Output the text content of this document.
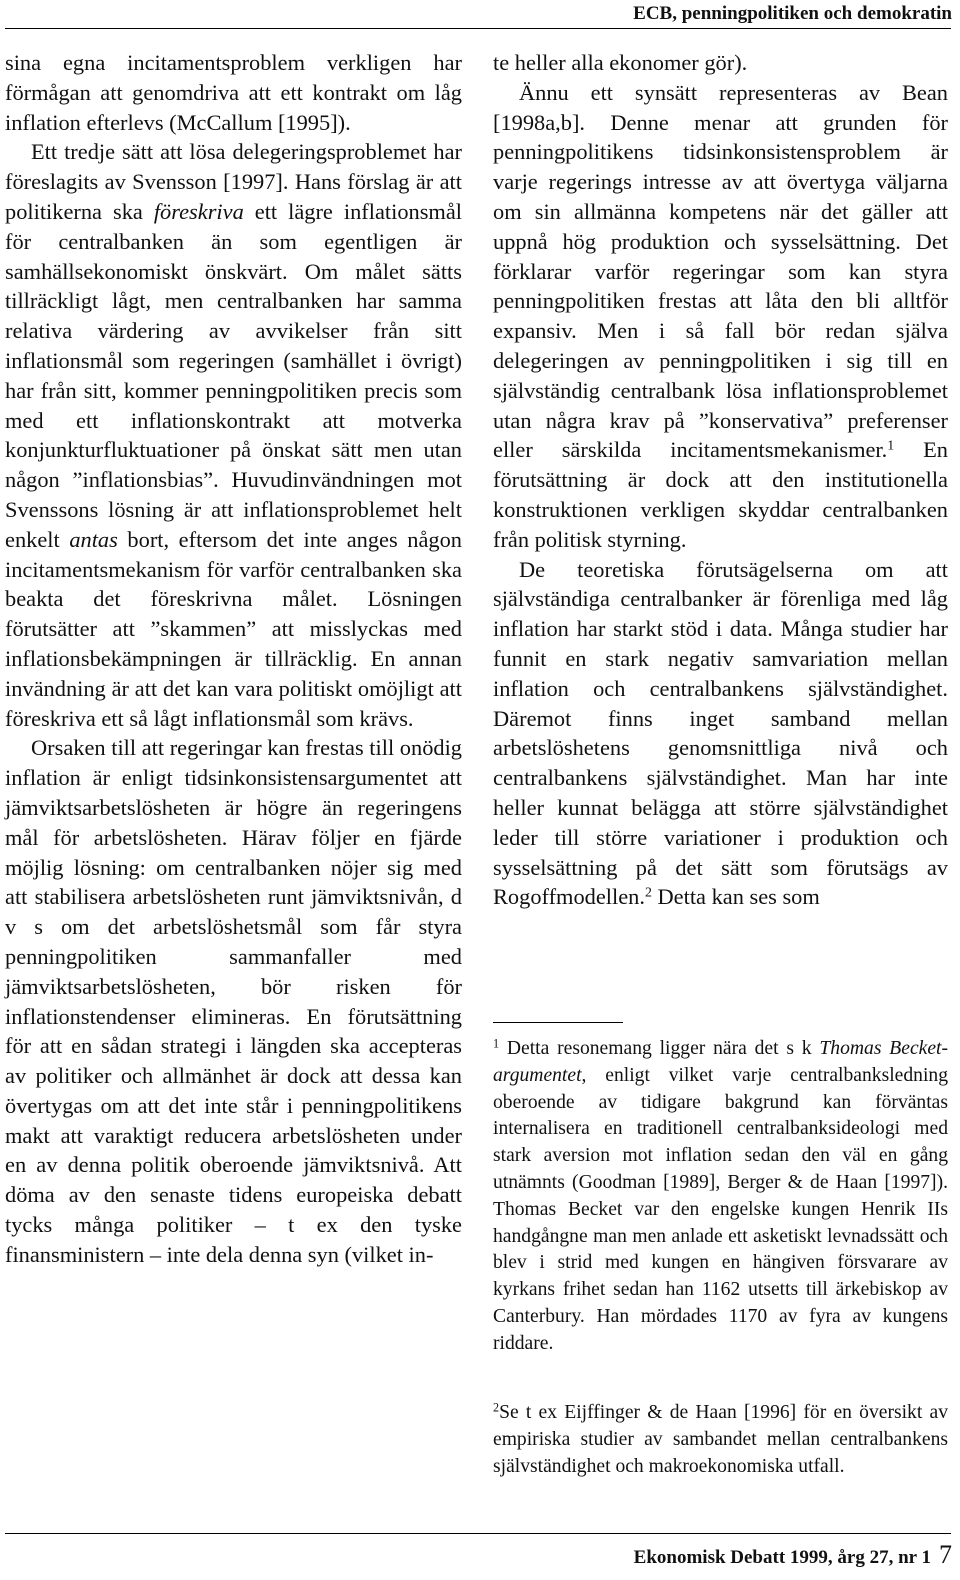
ECB, penningpolitiken och demokratin

sina egna incitamentsproblem verkligen har förmågan att genomdriva att ett kontrakt om låg inflation efterlevs (McCallum [1995]).

Ett tredje sätt att lösa delegeringsproblemet har föreslagits av Svensson [1997]. Hans förslag är att politikerna ska föreskriva ett lägre inflationsmål för centralbanken än som egentligen är samhällsekonomiskt önskvärt. Om målet sätts tillräckligt lågt, men centralbanken har samma relativa värdering av avvikelser från sitt inflationsmål som regeringen (samhället i övrigt) har från sitt, kommer penningpolitiken precis som med ett inflationskontrakt att motverka konjunkturfluktuationer på önskat sätt men utan någon ”inflationsbias”. Huvudinvändningen mot Svenssons lösning är att inflationsproblemet helt enkelt antas bort, eftersom det inte anges någon incitamentsmekanism för varför centralbanken ska beakta det föreskrivna målet. Lösningen förutsätter att ”skammen” att misslyckas med inflationsbekämpningen är tillräcklig. En annan invändning är att det kan vara politiskt omöjligt att föreskriva ett så lågt inflationsmål som krävs.

Orsaken till att regeringar kan frestas till onödig inflation är enligt tidsinkonsistensargumentet att jämviktsarbetslösheten är högre än regeringens mål för arbetslösheten. Härav följer en fjärde möjlig lösning: om centralbanken nöjer sig med att stabilisera arbetslösheten runt jämviktsnivån, d v s om det arbetslöshetsmål som får styra penningpolitiken sammanfaller med jämviktsarbetslösheten, bör risken för inflationstendenser elimineras. En förutsättning för att en sådan strategi i längden ska accepteras av politiker och allmänhet är dock att dessa kan övertygas om att det inte står i penningpolitikens makt att varaktigt reducera arbetslösheten under en av denna politik oberoende jämviktsnivå. Att döma av den senaste tidens europeiska debatt tycks många politiker – t ex den tyske finansministern – inte dela denna syn (vilket in-

te heller alla ekonomer gör).

Ännu ett synsätt representeras av Bean [1998a,b]. Denne menar att grunden för penningpolitikens tidsinkonsistensproblem är varje regerings intresse av att övertyga väljarna om sin allmänna kompetens när det gäller att uppnå hög produktion och sysselsättning. Det förklarar varför regeringar som kan styra penningpolitiken frestas att låta den bli alltför expansiv. Men i så fall bör redan själva delegeringen av penningpolitiken i sig till en självständig centralbank lösa inflationsproblemet utan några krav på ”konservativa” preferenser eller särskilda incitamentsmekanismer.$^1$ En förutsättning är dock att den institutionella konstruktionen verkligen skyddar centralbanken från politisk styrning.

De teoretiska förutsägelserna om att självständiga centralbanker är förenliga med låg inflation har starkt stöd i data. Många studier har funnit en stark negativ samvariation mellan inflation och centralbankens självständighet. Däremot finns inget samband mellan arbetslöshetens genomsnittliga nivå och centralbankens självständighet. Man har inte heller kunnat belägga att större självständighet leder till större variationer i produktion och sysselsättning på det sätt som förutsägs av Rogoffmodellen.$^2$ Detta kan ses som

$^1$ Detta resonemang ligger nära det s k Thomas Becket-argumentet, enligt vilket varje centralbanksledning oberoende av tidigare bakgrund kan förväntas internalisera en traditionell centralbanksideologi med stark aversion mot inflation sedan den väl en gång utnämnts (Goodman [1989], Berger & de Haan [1997]). Thomas Becket var den engelske kungen Henrik IIs handgångne man men anlade ett asketiskt levnadssätt och blev i strid med kungen en hängiven försvarare av kyrkans frihet sedan han 1162 utsetts till ärkebiskop av Canterbury. Han mördades 1170 av fyra av kungens riddare.
$^2$Se t ex Eijffinger & de Haan [1996] för en översikt av empiriska studier av sambandet mellan centralbankens självständighet och makroekonomiska utfall.
Ekonomisk Debatt 1999, årg 27, nr 1 7
